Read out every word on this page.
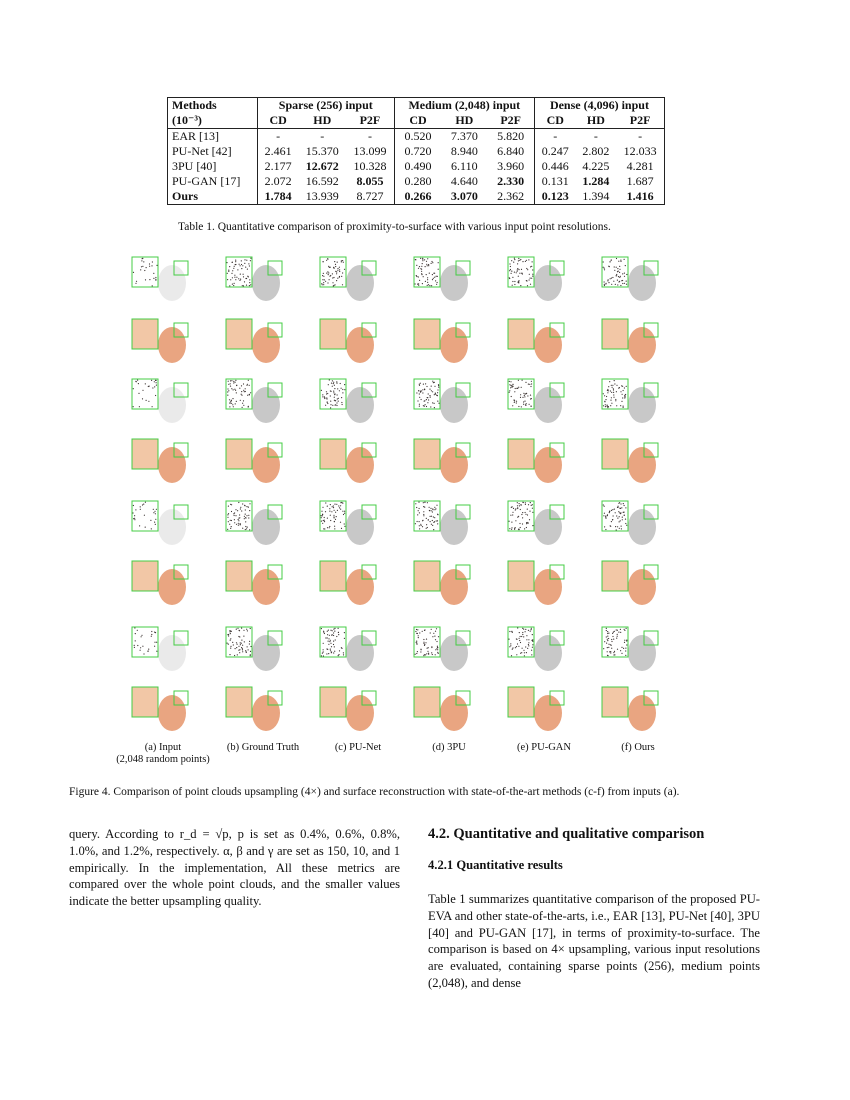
Methods	Sparse (256) input			Medium (2,048) input			Dense (4,096) input		
(10⁻³)	CD	HD	P2F	CD	HD	P2F	CD	HD	P2F
EAR [13]	-	-	-	0.520	7.370	5.820	-	-	-
PU-Net [42]	2.461	15.370	13.099	0.720	8.940	6.840	0.247	2.802	12.033
3PU [40]	2.177	12.672	10.328	0.490	6.110	3.960	0.446	4.225	4.281
PU-GAN [17]	2.072	16.592	8.055	0.280	4.640	2.330	0.131	1.284	1.687
Ours	1.784	13.939	8.727	0.266	3.070	2.362	0.123	1.394	1.416
Table 1. Quantitative comparison of proximity-to-surface with various input point resolutions.
(a) Input
(2,048 random points)
(b) Ground Truth	(c) PU-Net	(d) 3PU	(e) PU-GAN	(f) Ours
Figure 4. Comparison of point clouds upsampling (4×) and surface reconstruction with state-of-the-art methods (c-f) from inputs (a).

query. According to r_d = √p, p is set as 0.4%, 0.6%, 0.8%, 1.0%, and 1.2%, respectively. α, β and γ are set as 150, 10, and 1 empirically. In the implementation, All these metrics are compared over the whole point clouds, and the smaller values indicate the better upsampling quality.

4.2. Quantitative and qualitative comparison
4.2.1 Quantitative results

Table 1 summarizes quantitative comparison of the proposed PU-EVA and other state-of-the-arts, i.e., EAR [13], PU-Net [40], 3PU [40] and PU-GAN [17], in terms of proximity-to-surface. The comparison is based on 4× upsampling, various input resolutions are evaluated, containing sparse points (256), medium points (2,048), and dense
